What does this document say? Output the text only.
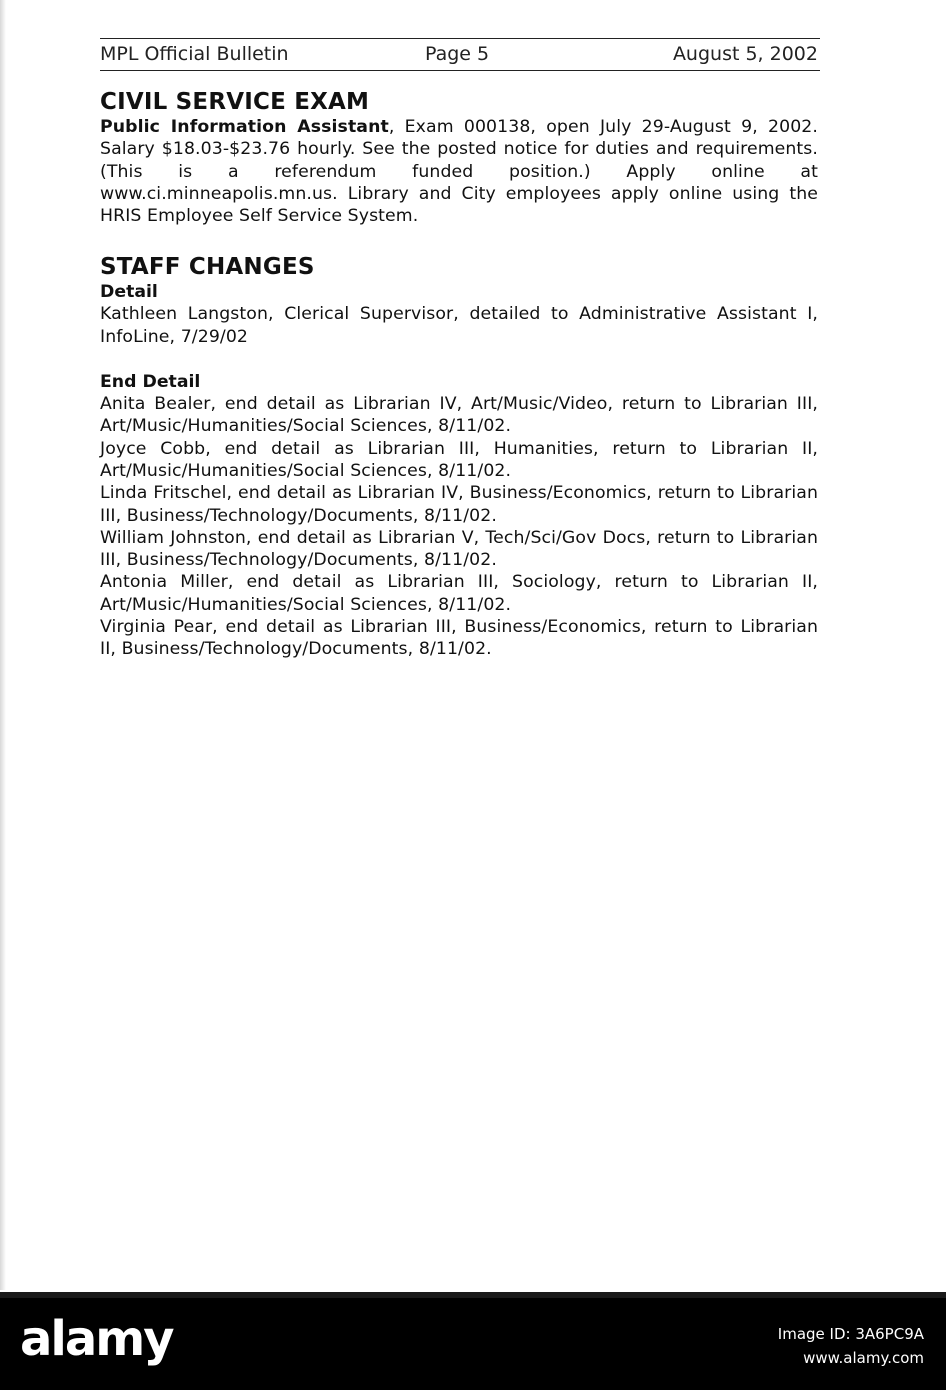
MPL Official Bulletin	Page 5	August 5, 2002
CIVIL SERVICE EXAM

Public Information Assistant, Exam 000138, open July 29-August 9, 2002. Salary $18.03-$23.76 hourly. See the posted notice for duties and requirements. (This is a referendum funded position.) Apply online at www.ci.minneapolis.mn.us. Library and City employees apply online using the HRIS Employee Self Service System.

STAFF CHANGES
Detail

Kathleen Langston, Clerical Supervisor, detailed to Administrative Assistant I, InfoLine, 7/29/02

End Detail

Anita Bealer, end detail as Librarian IV, Art/Music/Video, return to Librarian III, Art/Music/Humanities/Social Sciences, 8/11/02.

Joyce Cobb, end detail as Librarian III, Humanities, return to Librarian II, Art/Music/Humanities/Social Sciences, 8/11/02.

Linda Fritschel, end detail as Librarian IV, Business/Economics, return to Librarian III, Business/Technology/Documents, 8/11/02.

William Johnston, end detail as Librarian V, Tech/Sci/Gov Docs, return to Librarian III, Business/Technology/Documents, 8/11/02.

Antonia Miller, end detail as Librarian III, Sociology, return to Librarian II, Art/Music/Humanities/Social Sciences, 8/11/02.

Virginia Pear, end detail as Librarian III, Business/Economics, return to Librarian II, Business/Technology/Documents, 8/11/02.

alamy	Image ID: 3A6PC9A
www.alamy.com
